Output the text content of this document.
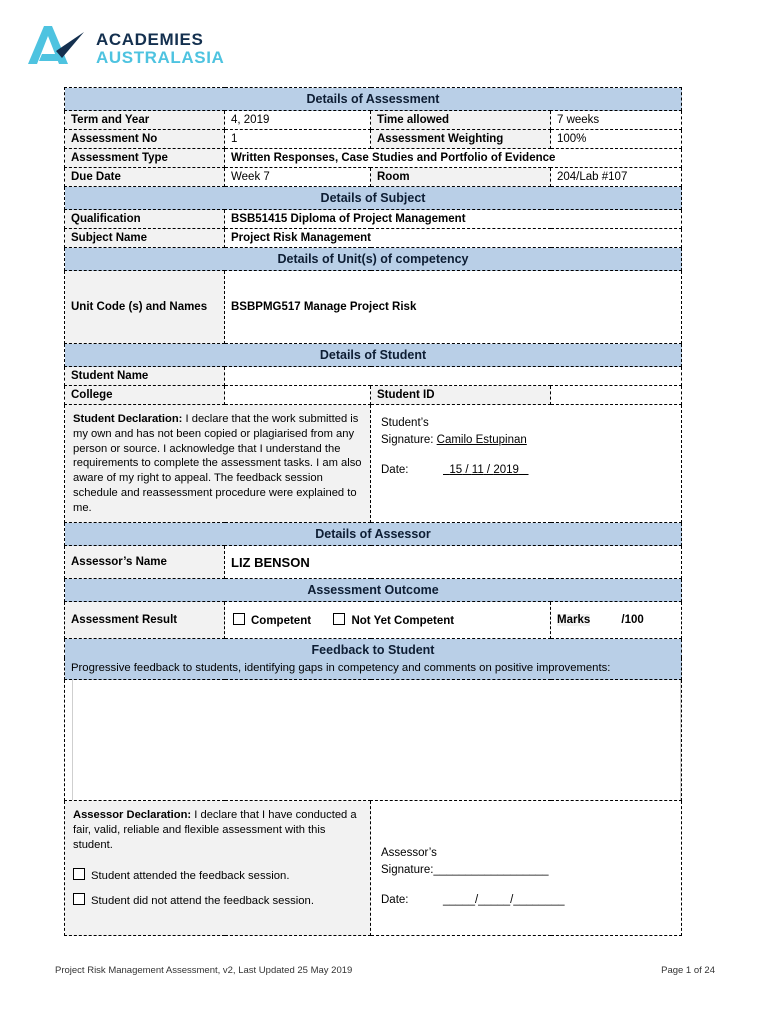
ACADEMIES
AUSTRALASIA
Details of Assessment			
Term and Year	4, 2019	Time allowed	7 weeks
Assessment No	1	Assessment Weighting	100%
Assessment Type	Written Responses, Case Studies and Portfolio of Evidence		
Due Date	Week 7	Room	204/Lab #107
Details of Subject			
Qualification	BSB51415 Diploma of Project Management		
Subject Name	Project Risk Management		
Details of Unit(s) of competency			
Unit Code (s) and Names	BSBPMG517 Manage Project Risk		
Details of Student			
Student Name			
College		Student ID	
Student Declaration: I declare that the work submitted is my own and has not been copied or plagiarised from any person or source. I acknowledge that I understand the requirements to complete the assessment tasks. I am also aware of my right to appeal. The feedback session schedule and reassessment procedure were explained to me.	
Student’s
Signature: Camilo Estupinan
Date:	15 / 11 / 2019

Details of Assessor			
Assessor’s Name	LIZ BENSON		
Assessment Outcome			
Assessment Result	Competent Not Yet Competent		Marks /100
Feedback to Student			
Progressive feedback to students, identifying gaps in competency and comments on positive improvements:			

Assessor Declaration: I declare that I have conducted a fair, valid, reliable and flexible assessment with this student.
Student attended the feedback session.
Student did not attend the feedback session.

Assessor’s
Signature:__________________
Date:	_____/_____/________
Project Risk Management Assessment, v2, Last Updated 25 May 2019	Page 1 of 24
